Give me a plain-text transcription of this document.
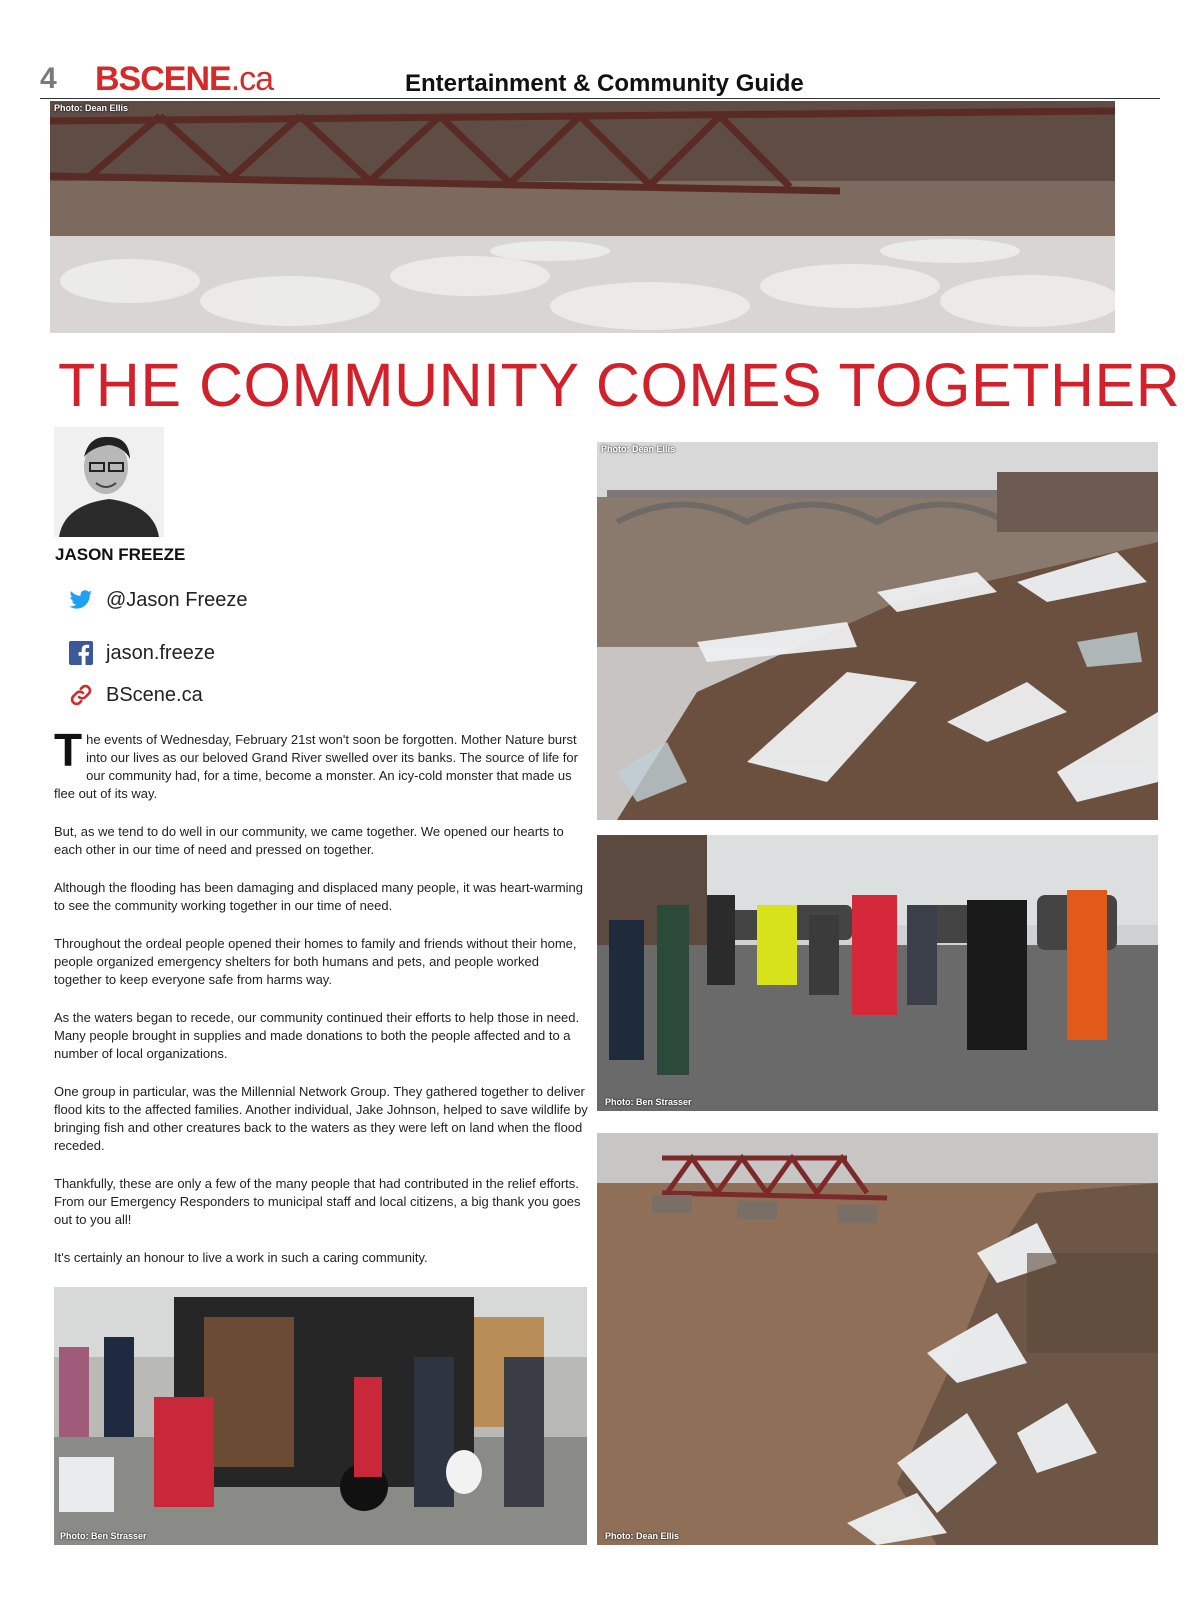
4 BSCENE.ca	Entertainment & Community Guide
Photo: Dean Ellis
THE COMMUNITY COMES TOGETHER
JASON FREEZE
@Jason Freeze
jason.freeze
BScene.ca

The events of Wednesday, February 21st won't soon be forgotten. Mother Nature burst into our lives as our beloved Grand River swelled over its banks. The source of life for our community had, for a time, become a monster. An icy-cold monster that made us flee out of its way.

But, as we tend to do well in our community, we came together. We opened our hearts to each other in our time of need and pressed on together.

Although the flooding has been damaging and displaced many people, it was heart-warming to see the community working together in our time of need.

Throughout the ordeal people opened their homes to family and friends without their home, people organized emergency shelters for both humans and pets, and people worked together to keep everyone safe from harms way.

As the waters began to recede, our community continued their efforts to help those in need. Many people brought in supplies and made donations to both the people affected and to a number of local organizations.

One group in particular, was the Millennial Network Group. They gathered together to deliver flood kits to the affected families. Another individual, Jake Johnson, helped to save wildlife by bringing fish and other creatures back to the waters as they were left on land when the flood receded.

Thankfully, these are only a few of the many people that had contributed in the relief efforts. From our Emergency Responders to municipal staff and local citizens, a big thank you goes out to you all!

It's certainly an honour to live a work in such a caring community.

Photo: Dean Ellis
Photo: Ben Strasser
Photo: Dean Ellis
Photo: Ben Strasser
